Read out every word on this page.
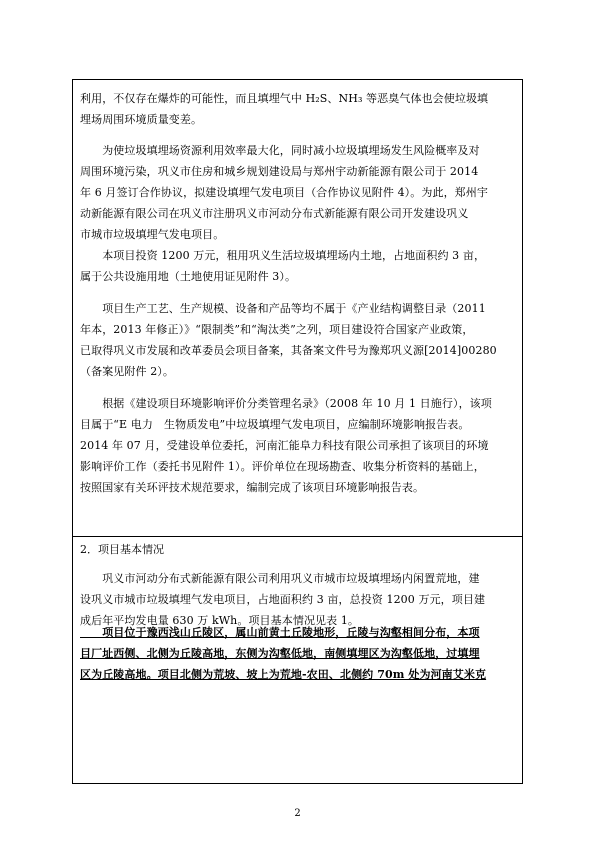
利用，不仅存在爆炸的可能性，而且填埋气中 H₂S、NH₃ 等恶臭气体也会使垃圾填
埋场周围环境质量变差。
　　为使垃圾填埋场资源利用效率最大化，同时减小垃圾填埋场发生风险概率及对
周围环境污染，巩义市住房和城乡规划建设局与郑州宇动新能源有限公司于 2014
年 6 月签订合作协议，拟建设填埋气发电项目（合作协议见附件 4）。为此，郑州宇
动新能源有限公司在巩义市注册巩义市河动分布式新能源有限公司开发建设巩义
市城市垃圾填埋气发电项目。
　　本项目投资 1200 万元，租用巩义生活垃圾填埋场内土地，占地面积约 3 亩，
属于公共设施用地（土地使用证见附件 3）。
　　项目生产工艺、生产规模、设备和产品等均不属于《产业结构调整目录（2011
年本，2013 年修正）》“限制类”和“淘汰类”之列，项目建设符合国家产业政策，
已取得巩义市发展和改革委员会项目备案，其备案文件号为豫郑巩义源[2014]00280
（备案见附件 2）。
　　根据《建设项目环境影响评价分类管理名录》（2008 年 10 月 1 日施行），该项
目属于“E 电力　生物质发电”中垃圾填埋气发电项目，应编制环境影响报告表。
2014 年 07 月，受建设单位委托，河南汇能阜力科技有限公司承担了该项目的环境
影响评价工作（委托书见附件 1）。评价单位在现场勘查、收集分析资料的基础上，
按照国家有关环评技术规范要求，编制完成了该项目环境影响报告表。
2．项目基本情况
　　巩义市河动分布式新能源有限公司利用巩义市城市垃圾填埋场内闲置荒地，建
设巩义市城市垃圾填埋气发电项目，占地面积约 3 亩，总投资 1200 万元，项目建
成后年平均发电量 630 万 kWh。项目基本情况见表 1。
　　项目位于豫西浅山丘陵区，属山前黄土丘陵地形，丘陵与沟壑相间分布，本项
目厂址西侧、北侧为丘陵高地，东侧为沟壑低地，南侧填埋区为沟壑低地，过填埋
区为丘陵高地。项目北侧为荒坡、坡上为荒地-农田、北侧约 70m 处为河南艾米克
2
